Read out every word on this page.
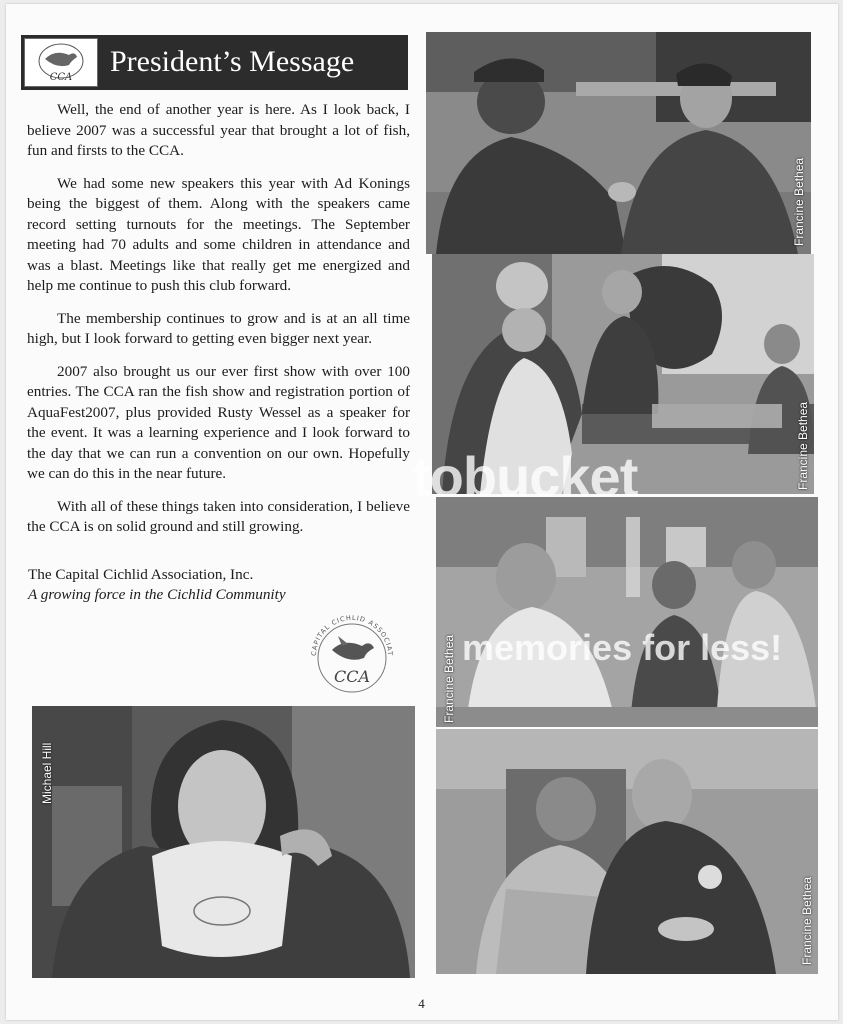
CCA President’s Message

Well, the end of another year is here. As I look back, I believe 2007 was a successful year that brought a lot of fish, fun and firsts to the CCA.

We had some new speakers this year with Ad Konings being the biggest of them. Along with the speakers came record setting turnouts for the meetings. The September meeting had 70 adults and some children in attendance and was a blast. Meetings like that really get me energized and help me continue to push this club forward.

The membership continues to grow and is at an all time high, but I look forward to getting even bigger next year.

2007 also brought us our ever first show with over 100 entries. The CCA ran the fish show and registration portion of AquaFest2007, plus provided Rusty Wessel as a speaker for the event. It was a learning experience and I look forward to the day that we can run a convention on our own. Hopefully we can do this in the near future.

With all of these things taken into consideration, I believe the CCA is on solid ground and still growing.

The Capital Cichlid Association, Inc.
A growing force in the Cichlid Community
CAPITAL CICHLID ASSOCIAT
CCA
Francine Bethea
Francine Bethea
Francine Bethea
Francine Bethea
Michael Hill
tobucket
memories for less!
4
